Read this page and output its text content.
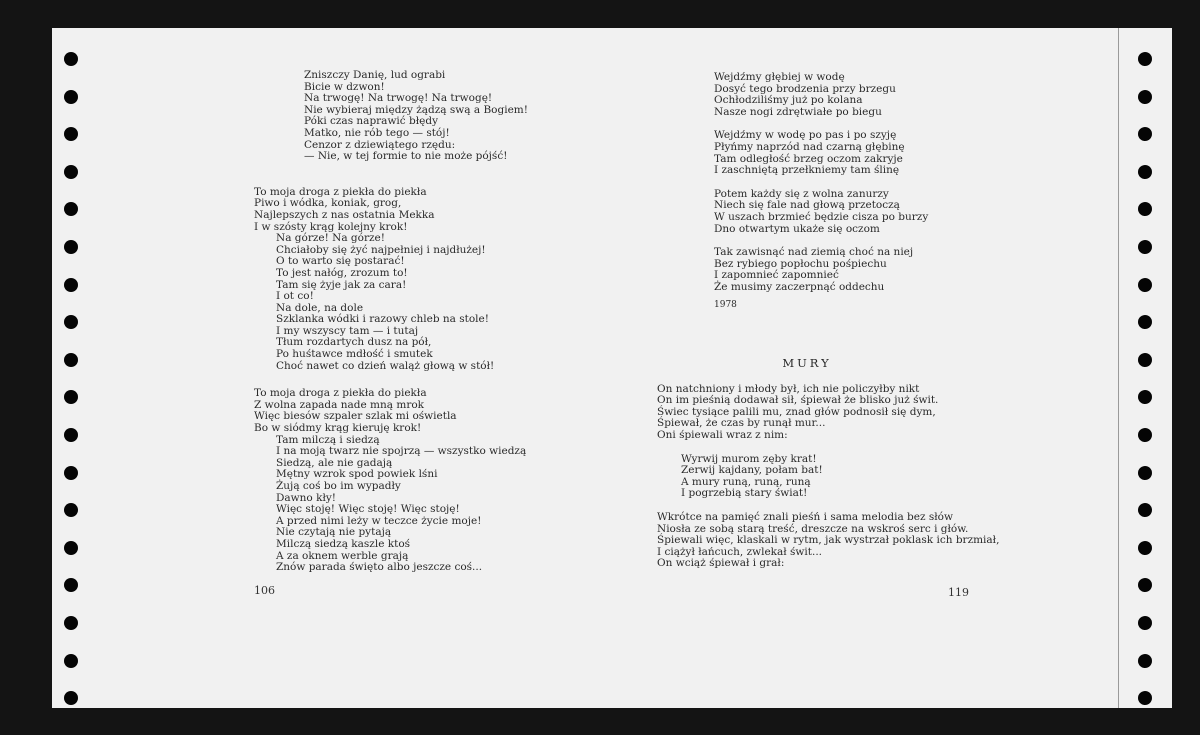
Zniszczy Danię, lud ograbi
Bicie w dzwon!
Na trwogę! Na trwogę! Na trwogę!
Nie wybieraj między żądzą swą a Bogiem!
Póki czas naprawić błędy
Matko, nie rób tego — stój!
Cenzor z dziewiątego rzędu:
— Nie, w tej formie to nie może pójść!
To moja droga z piekła do piekła
Piwo i wódka, koniak, grog,
Najlepszych z nas ostatnia Mekka
I w szósty krąg kolejny krok!
Na górze! Na górze!
Chciałoby się żyć najpełniej i najdłużej!
O to warto się postarać!
To jest nałóg, zrozum to!
Tam się żyje jak za cara!
I ot co!
Na dole, na dole
Szklanka wódki i razowy chleb na stole!
I my wszyscy tam — i tutaj
Tłum rozdartych dusz na pół,
Po huśtawce mdłość i smutek
Choć nawet co dzień waląż głową w stół!
To moja droga z piekła do piekła
Z wolna zapada nade mną mrok
Więc biesów szpaler szlak mi oświetla
Bo w siódmy krąg kieruję krok!
Tam milczą i siedzą
I na moją twarz nie spojrzą — wszystko wiedzą
Siedzą, ale nie gadają
Mętny wzrok spod powiek lśni
Żują coś bo im wypadły
Dawno kły!
Więc stoję! Więc stoję! Więc stoję!
A przed nimi leży w teczce życie moje!
Nie czytają nie pytają
Milczą siedzą kaszle ktoś
A za oknem werble grają
Znów parada święto albo jeszcze coś...
106
Wejdźmy głębiej w wodę
Dosyć tego brodzenia przy brzegu
Ochłodziliśmy już po kolana
Nasze nogi zdrętwiałe po biegu
Wejdźmy w wodę po pas i po szyję
Płyńmy naprzód nad czarną głębinę
Tam odległość brzeg oczom zakryje
I zaschniętą przełkniemy tam ślinę
Potem każdy się z wolna zanurzy
Niech się fale nad głową przetoczą
W uszach brzmieć będzie cisza po burzy
Dno otwartym ukaże się oczom
Tak zawisnąć nad ziemią choć na niej
Bez rybiego popłochu pośpiechu
I zapomnieć zapomnieć
Że musimy zaczerpnąć oddechu
1978
MURY
On natchniony i młody był, ich nie policzyłby nikt
On im pieśnią dodawał sił, śpiewał że blisko już świt.
Świec tysiące palili mu, znad głów podnosił się dym,
Śpiewał, że czas by runął mur...
Oni śpiewali wraz z nim:
Wyrwij murom zęby krat!
Zerwij kajdany, połam bat!
A mury runą, runą, runą
I pogrzebią stary świat!
Wkrótce na pamięć znali pieśń i sama melodia bez słów
Niosła ze sobą starą treść, dreszcze na wskroś serc i głów.
Śpiewali więc, klaskali w rytm, jak wystrzał poklask ich brzmiał,
I ciążył łańcuch, zwlekał świt...
On wciąż śpiewał i grał:
119
